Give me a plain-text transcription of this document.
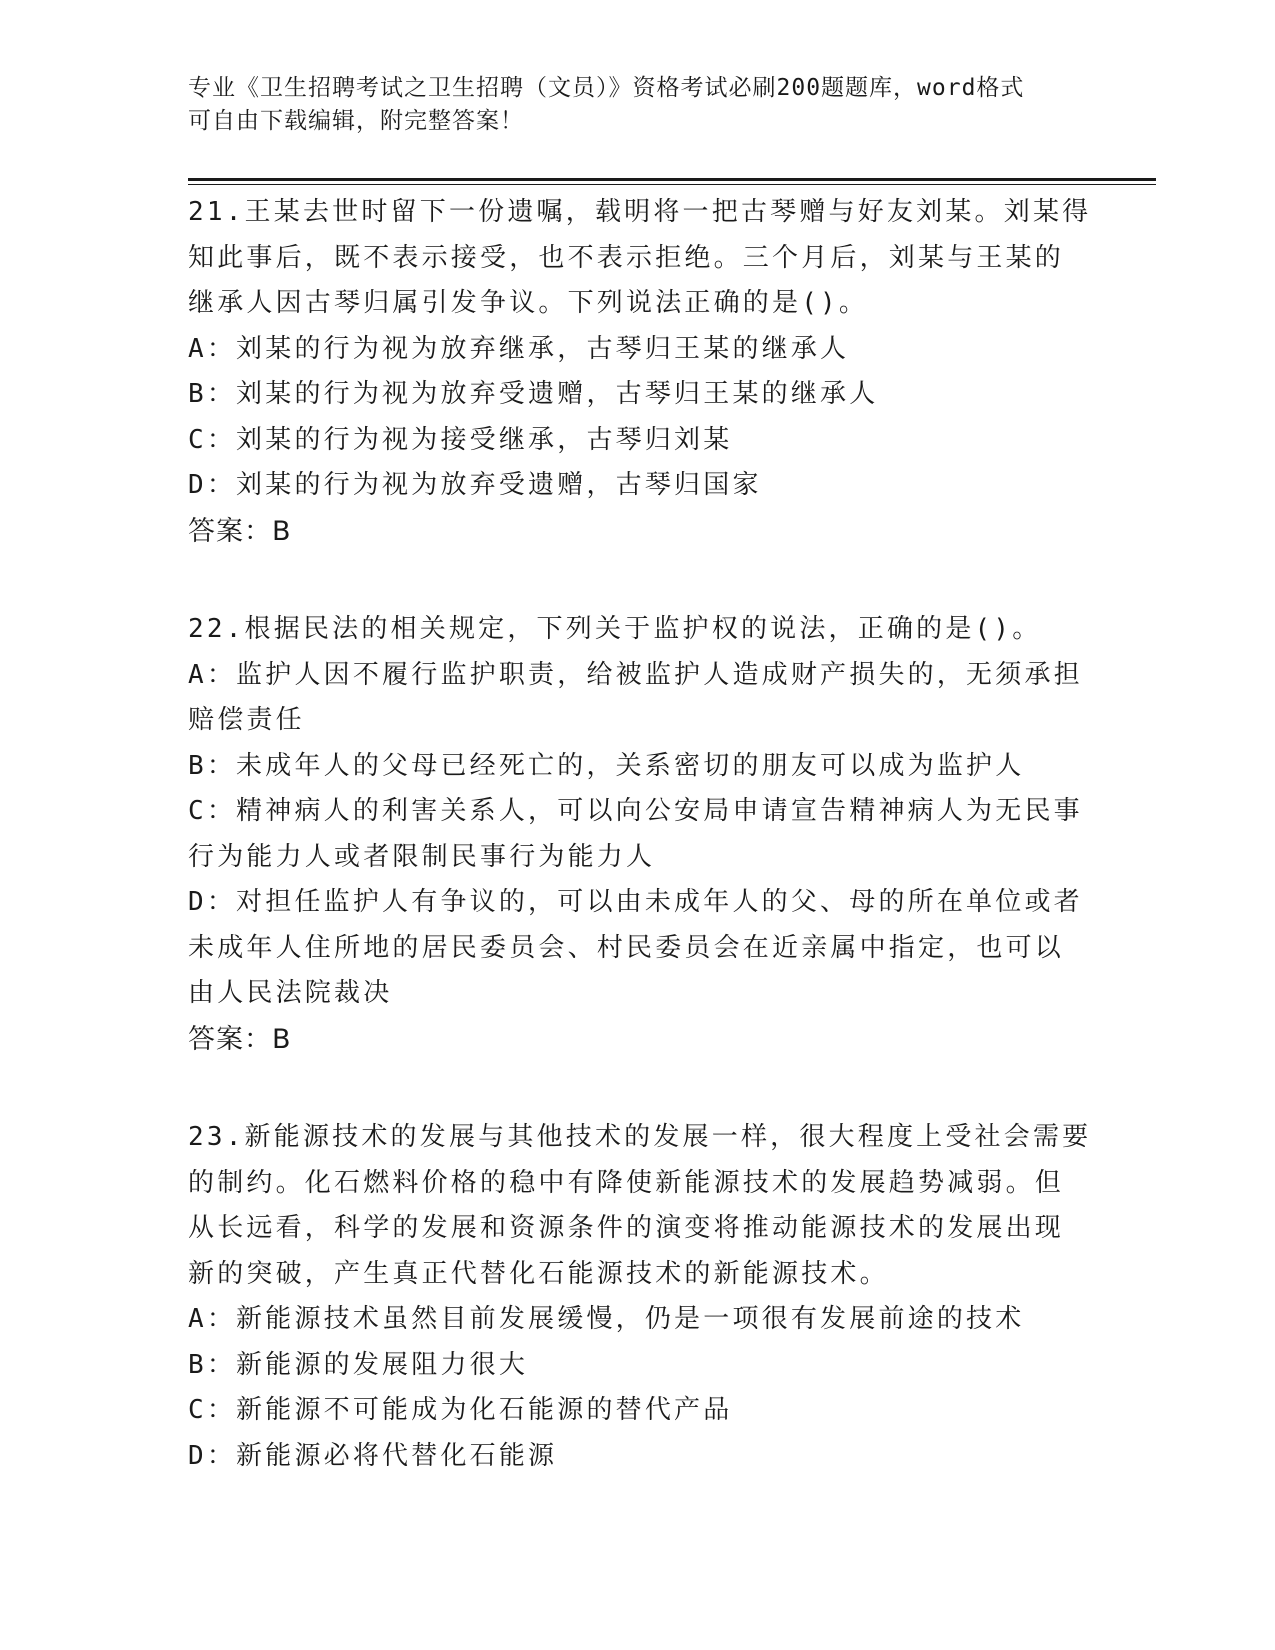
专业《卫生招聘考试之卫生招聘（文员）》资格考试必刷200题题库，word格式
可自由下载编辑，附完整答案！
21.王某去世时留下一份遗嘱，载明将一把古琴赠与好友刘某。刘某得
知此事后，既不表示接受，也不表示拒绝。三个月后，刘某与王某的
继承人因古琴归属引发争议。下列说法正确的是()。
A：刘某的行为视为放弃继承，古琴归王某的继承人
B：刘某的行为视为放弃受遗赠，古琴归王某的继承人
C：刘某的行为视为接受继承，古琴归刘某
D：刘某的行为视为放弃受遗赠，古琴归国家
答案：B
22.根据民法的相关规定，下列关于监护权的说法，正确的是()。
A：监护人因不履行监护职责，给被监护人造成财产损失的，无须承担
赔偿责任
B：未成年人的父母已经死亡的，关系密切的朋友可以成为监护人
C：精神病人的利害关系人，可以向公安局申请宣告精神病人为无民事
行为能力人或者限制民事行为能力人
D：对担任监护人有争议的，可以由未成年人的父、母的所在单位或者
未成年人住所地的居民委员会、村民委员会在近亲属中指定，也可以
由人民法院裁决
答案：B
23.新能源技术的发展与其他技术的发展一样，很大程度上受社会需要
的制约。化石燃料价格的稳中有降使新能源技术的发展趋势减弱。但
从长远看，科学的发展和资源条件的演变将推动能源技术的发展出现
新的突破，产生真正代替化石能源技术的新能源技术。
A：新能源技术虽然目前发展缓慢，仍是一项很有发展前途的技术
B：新能源的发展阻力很大
C：新能源不可能成为化石能源的替代产品
D：新能源必将代替化石能源
